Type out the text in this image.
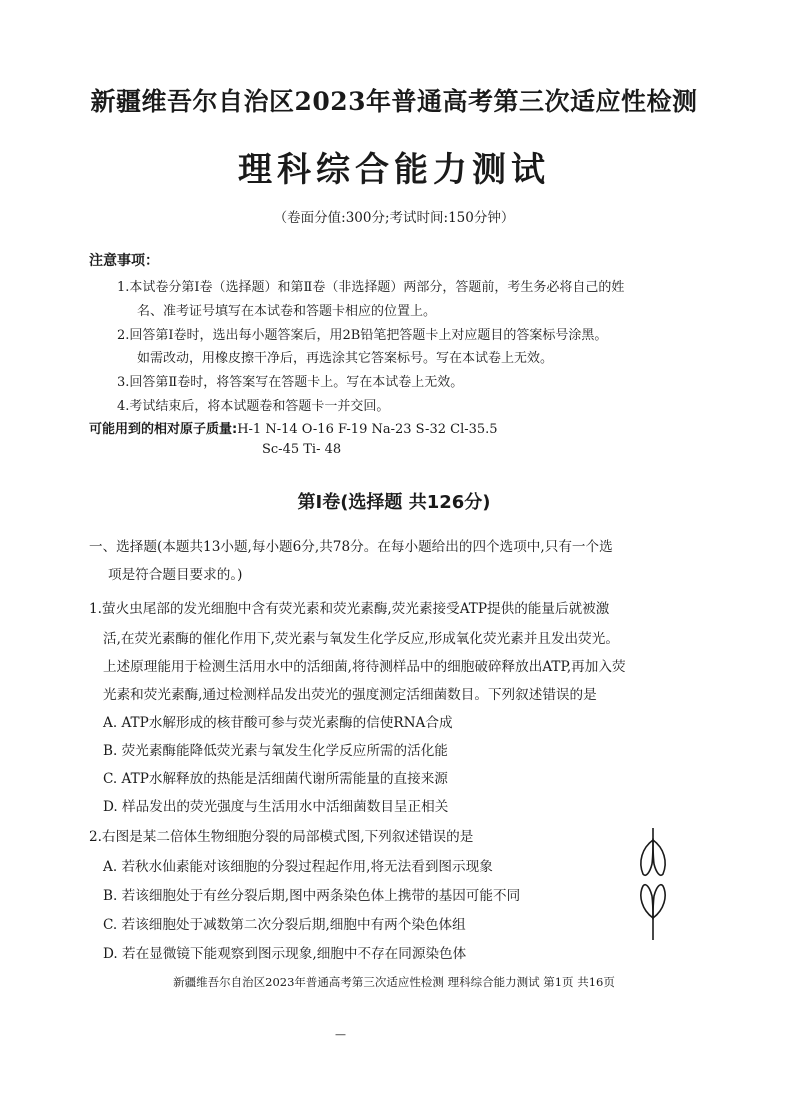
新疆维吾尔自治区2023年普通高考第三次适应性检测
理科综合能力测试
（卷面分值:300分;考试时间:150分钟）
注意事项：
1.本试卷分第Ⅰ卷（选择题）和第Ⅱ卷（非选择题）两部分，答题前，考生务必将自己的姓
名、准考证号填写在本试卷和答题卡相应的位置上。
2.回答第Ⅰ卷时，选出每小题答案后，用2B铅笔把答题卡上对应题目的答案标号涂黑。
如需改动，用橡皮擦干净后，再选涂其它答案标号。写在本试卷上无效。
3.回答第Ⅱ卷时，将答案写在答题卡上。写在本试卷上无效。
4.考试结束后，将本试题卷和答题卡一并交回。
可能用到的相对原子质量:H-1 N-14 O-16 F-19 Na-23 S-32 Cl-35.5
Sc-45 Ti- 48
第Ⅰ卷(选择题 共126分)
一、选择题(本题共13小题,每小题6分,共78分。在每小题给出的四个选项中,只有一个选
项是符合题目要求的。)
1.萤火虫尾部的发光细胞中含有荧光素和荧光素酶,荧光素接受ATP提供的能量后就被激
活,在荧光素酶的催化作用下,荧光素与氧发生化学反应,形成氧化荧光素并且发出荧光。
上述原理能用于检测生活用水中的活细菌,将待测样品中的细胞破碎释放出ATP,再加入荧
光素和荧光素酶,通过检测样品发出荧光的强度测定活细菌数目。下列叙述错误的是
A. ATP水解形成的核苷酸可参与荧光素酶的信使RNA合成
B. 荧光素酶能降低荧光素与氧发生化学反应所需的活化能
C. ATP水解释放的热能是活细菌代谢所需能量的直接来源
D. 样品发出的荧光强度与生活用水中活细菌数目呈正相关
2.右图是某二倍体生物细胞分裂的局部模式图,下列叙述错误的是
A. 若秋水仙素能对该细胞的分裂过程起作用,将无法看到图示现象
B. 若该细胞处于有丝分裂后期,图中两条染色体上携带的基因可能不同
C. 若该细胞处于减数第二次分裂后期,细胞中有两个染色体组
D. 若在显微镜下能观察到图示现象,细胞中不存在同源染色体
新疆维吾尔自治区2023年普通高考第三次适应性检测 理科综合能力测试 第1页 共16页
—
